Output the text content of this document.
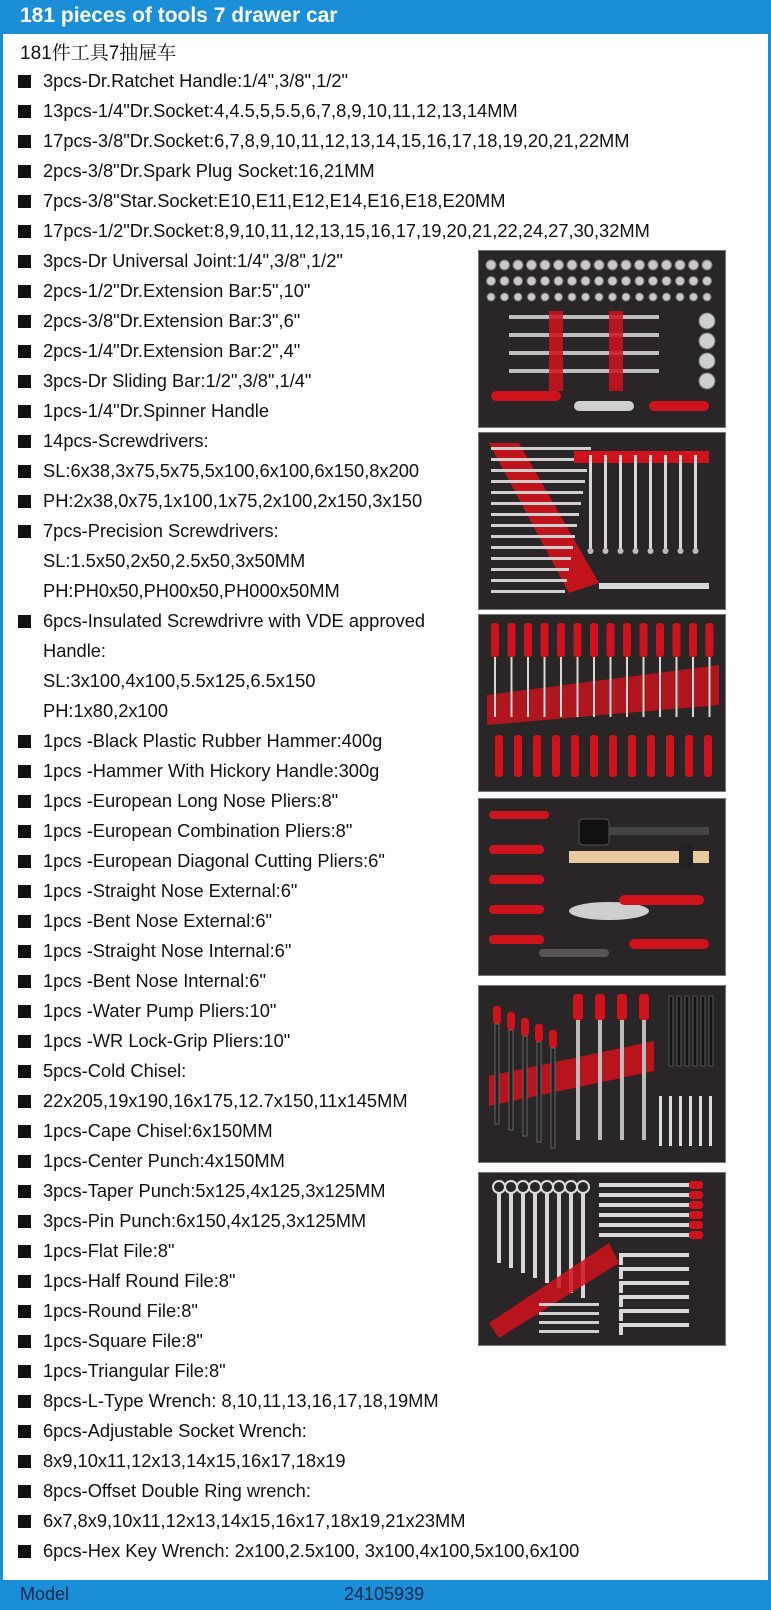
181 pieces of tools 7 drawer car
181件工具7抽屉车
3pcs-Dr.Ratchet Handle:1/4",3/8",1/2"
13pcs-1/4"Dr.Socket:4,4.5,5,5.5,6,7,8,9,10,11,12,13,14MM
17pcs-3/8"Dr.Socket:6,7,8,9,10,11,12,13,14,15,16,17,18,19,20,21,22MM
2pcs-3/8"Dr.Spark Plug Socket:16,21MM
7pcs-3/8"Star.Socket:E10,E11,E12,E14,E16,E18,E20MM
17pcs-1/2"Dr.Socket:8,9,10,11,12,13,15,16,17,19,20,21,22,24,27,30,32MM
3pcs-Dr Universal Joint:1/4",3/8",1/2"
2pcs-1/2"Dr.Extension Bar:5",10"
2pcs-3/8"Dr.Extension Bar:3",6"
2pcs-1/4"Dr.Extension Bar:2",4"
3pcs-Dr Sliding Bar:1/2",3/8",1/4"
1pcs-1/4"Dr.Spinner Handle
14pcs-Screwdrivers:
SL:6x38,3x75,5x75,5x100,6x100,6x150,8x200
PH:2x38,0x75,1x100,1x75,2x100,2x150,3x150
7pcs-Precision Screwdrivers:
SL:1.5x50,2x50,2.5x50,3x50MM
PH:PH0x50,PH00x50,PH000x50MM
6pcs-Insulated Screwdrivre with VDE approved
Handle:
SL:3x100,4x100,5.5x125,6.5x150
PH:1x80,2x100
1pcs -Black Plastic Rubber Hammer:400g
1pcs -Hammer With Hickory Handle:300g
1pcs -European Long Nose Pliers:8"
1pcs -European Combination Pliers:8"
1pcs -European Diagonal Cutting Pliers:6"
1pcs -Straight Nose External:6"
1pcs -Bent Nose External:6"
1pcs -Straight Nose Internal:6"
1pcs -Bent Nose Internal:6"
1pcs -Water Pump Pliers:10"
1pcs -WR Lock-Grip Pliers:10"
5pcs-Cold Chisel:
22x205,19x190,16x175,12.7x150,11x145MM
1pcs-Cape Chisel:6x150MM
1pcs-Center Punch:4x150MM
3pcs-Taper Punch:5x125,4x125,3x125MM
3pcs-Pin Punch:6x150,4x125,3x125MM
1pcs-Flat File:8"
1pcs-Half Round File:8"
1pcs-Round File:8"
1pcs-Square File:8"
1pcs-Triangular File:8"
8pcs-L-Type Wrench: 8,10,11,13,16,17,18,19MM
6pcs-Adjustable Socket Wrench:
8x9,10x11,12x13,14x15,16x17,18x19
8pcs-Offset Double Ring wrench:
6x7,8x9,10x11,12x13,14x15,16x17,18x19,21x23MM
6pcs-Hex Key Wrench: 2x100,2.5x100, 3x100,4x100,5x100,6x100
Model	24105939
